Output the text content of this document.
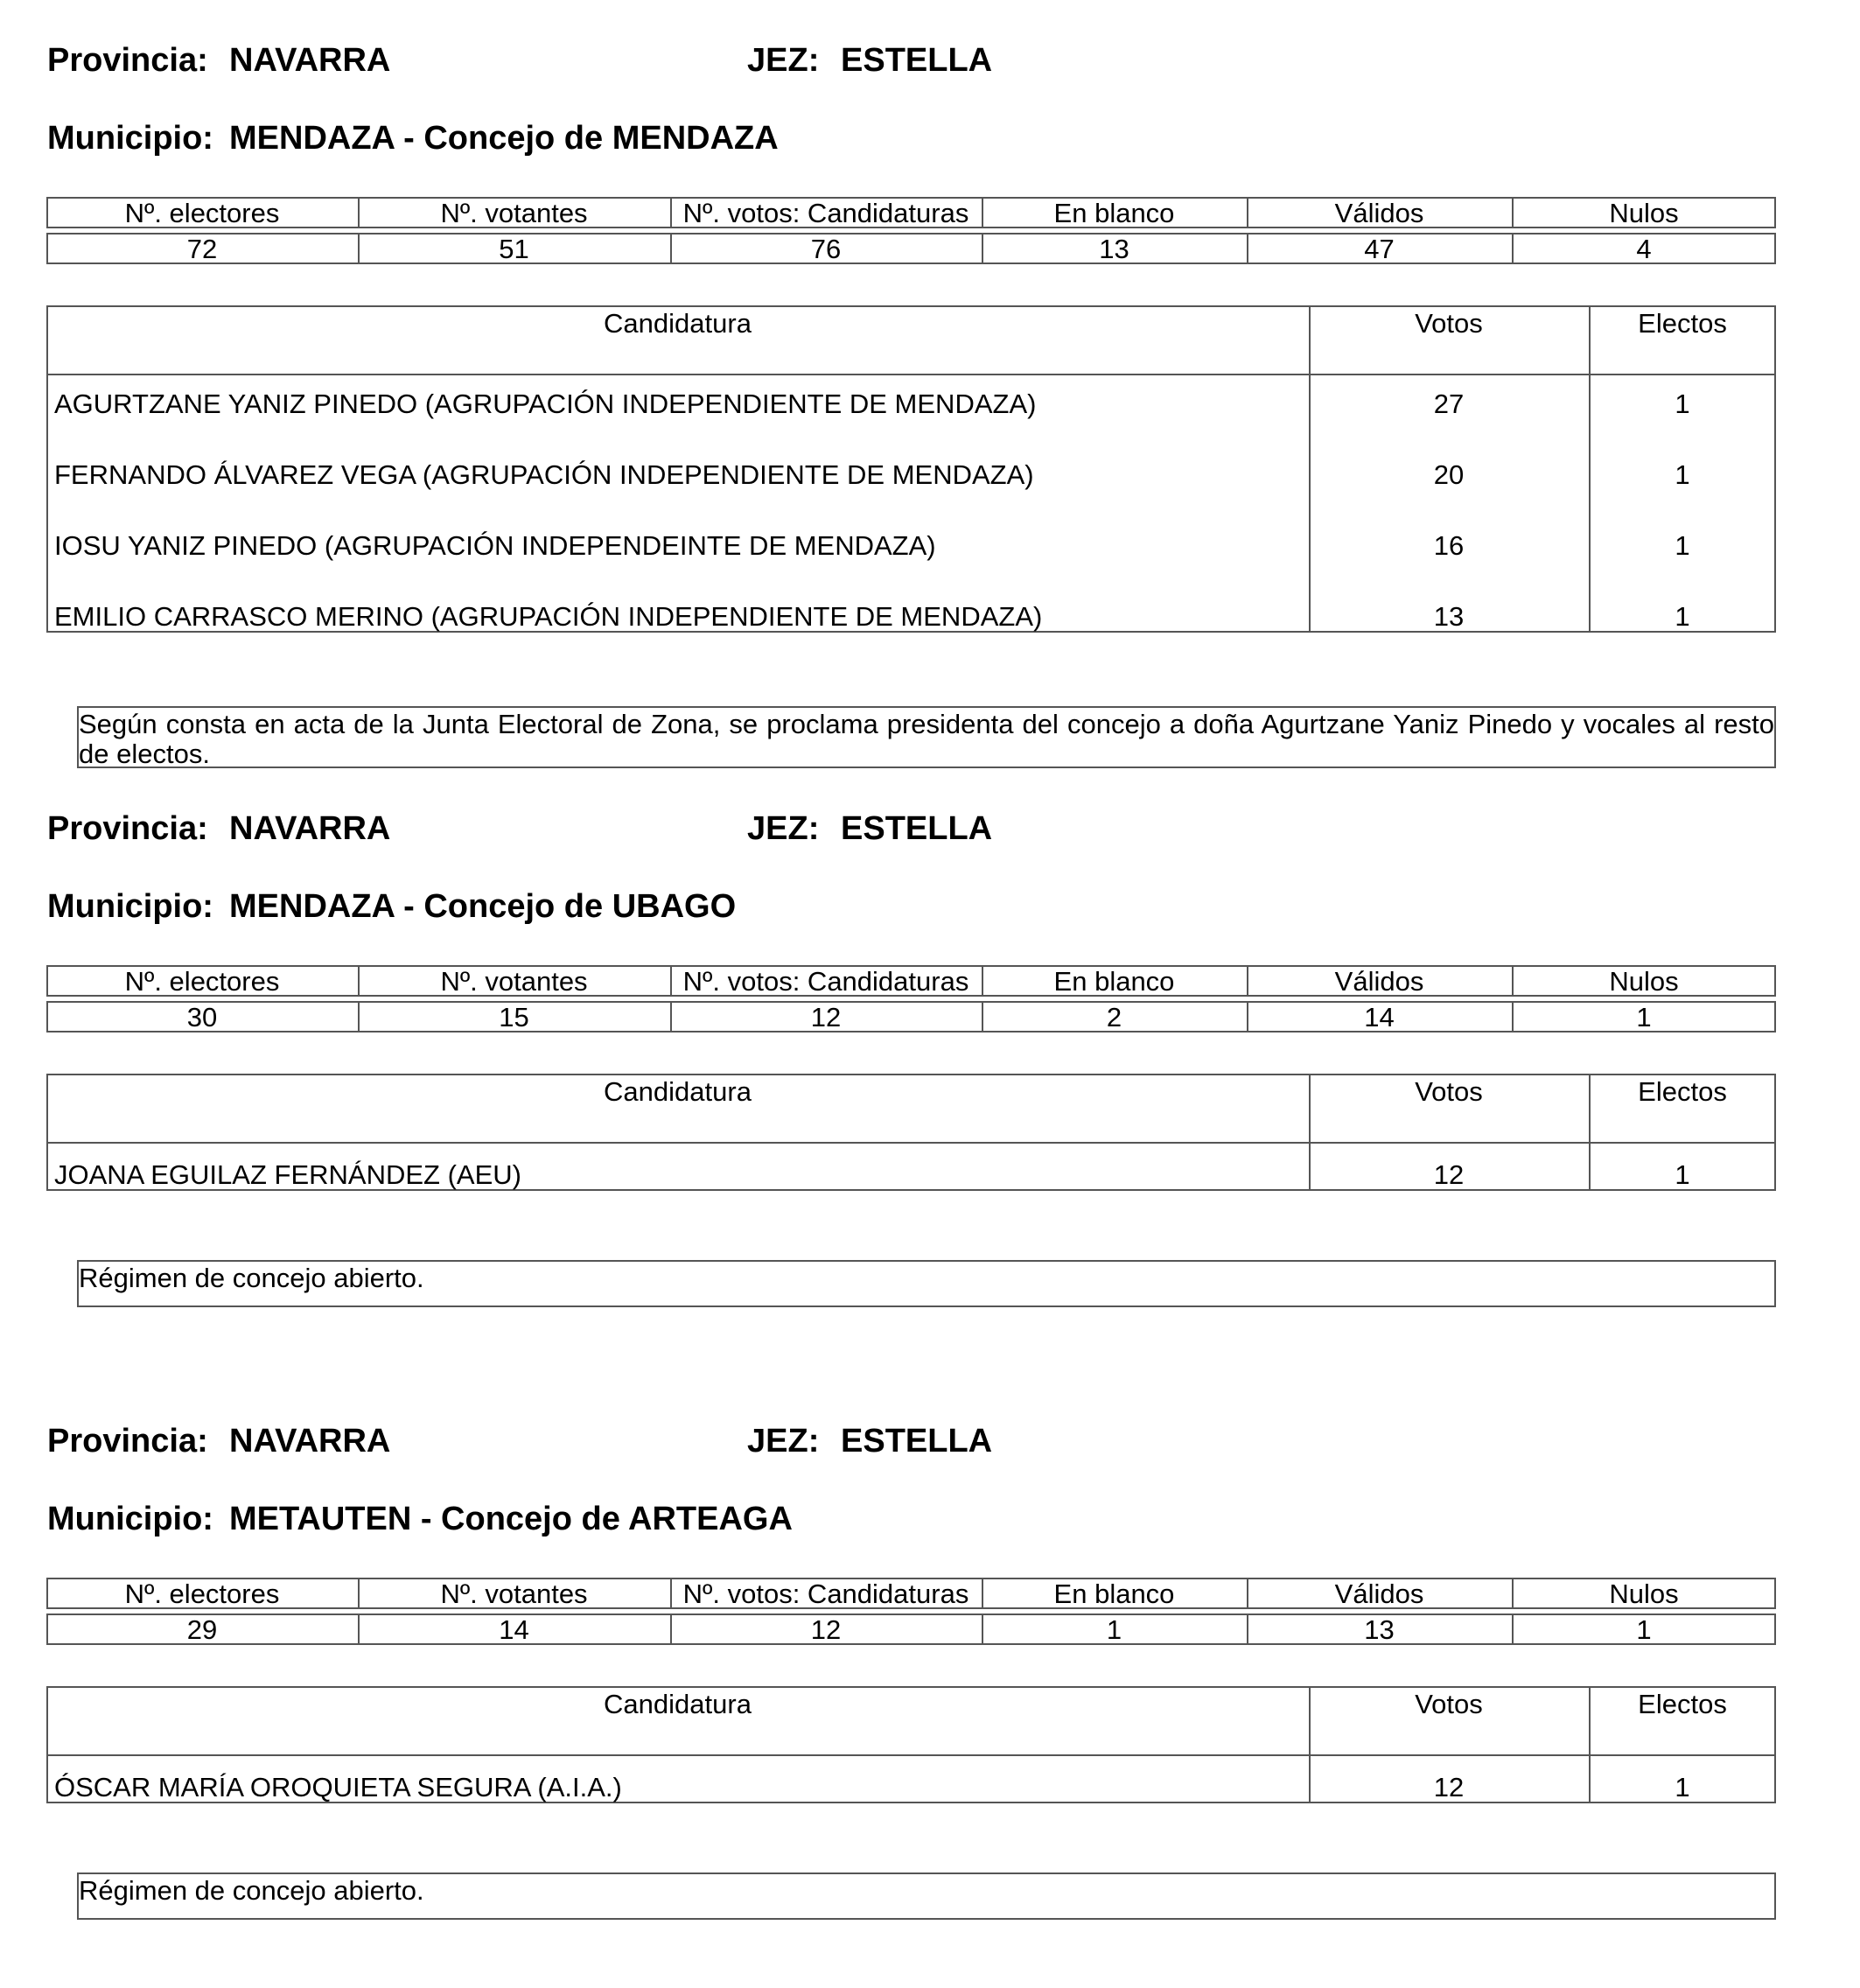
Provincia: NAVARRA	JEZ: ESTELLA
Municipio: MENDAZA - Concejo de MENDAZA
Nº. electores	Nº. votantes	Nº. votos: Candidaturas	En blanco	Válidos	Nulos
72	51	76	13	47	4
Candidatura	Votos	Electos
AGURTZANE YANIZ PINEDO (AGRUPACIÓN INDEPENDIENTE DE MENDAZA)	27	1
FERNANDO ÁLVAREZ VEGA (AGRUPACIÓN INDEPENDIENTE DE MENDAZA)	20	1
IOSU YANIZ PINEDO (AGRUPACIÓN INDEPENDEINTE DE MENDAZA)	16	1
EMILIO CARRASCO MERINO (AGRUPACIÓN INDEPENDIENTE DE MENDAZA)	13	1
Según consta en acta de la Junta Electoral de Zona, se proclama presidenta del concejo a doña Agurtzane Yaniz Pinedo y vocales al resto de electos.
Provincia: NAVARRA	JEZ: ESTELLA
Municipio: MENDAZA - Concejo de UBAGO
Nº. electores	Nº. votantes	Nº. votos: Candidaturas	En blanco	Válidos	Nulos
30	15	12	2	14	1
Candidatura	Votos	Electos
JOANA EGUILAZ FERNÁNDEZ (AEU)	12	1
Régimen de concejo abierto.
Provincia: NAVARRA	JEZ: ESTELLA
Municipio: METAUTEN - Concejo de ARTEAGA
Nº. electores	Nº. votantes	Nº. votos: Candidaturas	En blanco	Válidos	Nulos
29	14	12	1	13	1
Candidatura	Votos	Electos
ÓSCAR MARÍA OROQUIETA SEGURA (A.I.A.)	12	1
Régimen de concejo abierto.
